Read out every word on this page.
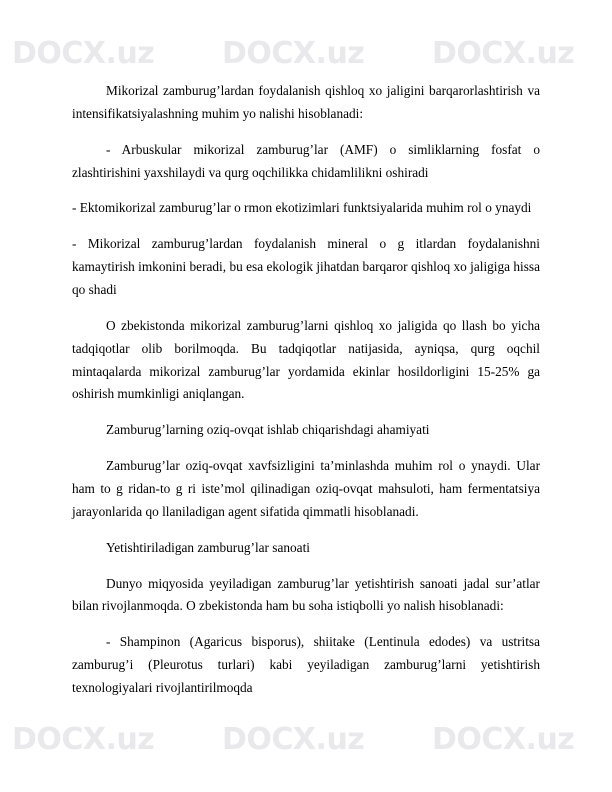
DOCX.uz DOCX.uz DOCX.uz
DOCX.uz DOCX.uz DOCX.uz

Mikorizal zamburug’lardan foydalanish qishloq xo jaligini barqarorlashtirish va intensifikatsiyalashning muhim yo nalishi hisoblanadi:

- Arbuskular mikorizal zamburug’lar (AMF) o simliklarning fosfat o zlashtirishini yaxshilaydi va qurg oqchilikka chidamlilikni oshiradi

- Ektomikorizal zamburug’lar o rmon ekotizimlari funktsiyalarida muhim rol o ynaydi

- Mikorizal zamburug’lardan foydalanish mineral o g itlardan foydalanishni kamaytirish imkonini beradi, bu esa ekologik jihatdan barqaror qishloq xo jaligiga hissa qo shadi

O zbekistonda mikorizal zamburug’larni qishloq xo jaligida qo llash bo yicha tadqiqotlar olib borilmoqda. Bu tadqiqotlar natijasida, ayniqsa, qurg oqchil mintaqalarda mikorizal zamburug’lar yordamida ekinlar hosildorligini 15-25% ga oshirish mumkinligi aniqlangan.

Zamburug’larning oziq-ovqat ishlab chiqarishdagi ahamiyati

Zamburug’lar oziq-ovqat xavfsizligini ta’minlashda muhim rol o ynaydi. Ular ham to g ridan-to g ri iste’mol qilinadigan oziq-ovqat mahsuloti, ham fermentatsiya jarayonlarida qo llaniladigan agent sifatida qimmatli hisoblanadi.

Yetishtiriladigan zamburug’lar sanoati

Dunyo miqyosida yeyiladigan zamburug’lar yetishtirish sanoati jadal sur’atlar bilan rivojlanmoqda. O zbekistonda ham bu soha istiqbolli yo nalish hisoblanadi:

- Shampinon (Agaricus bisporus), shiitake (Lentinula edodes) va ustritsa zamburug’i (Pleurotus turlari) kabi yeyiladigan zamburug’larni yetishtirish texnologiyalari rivojlantirilmoqda
